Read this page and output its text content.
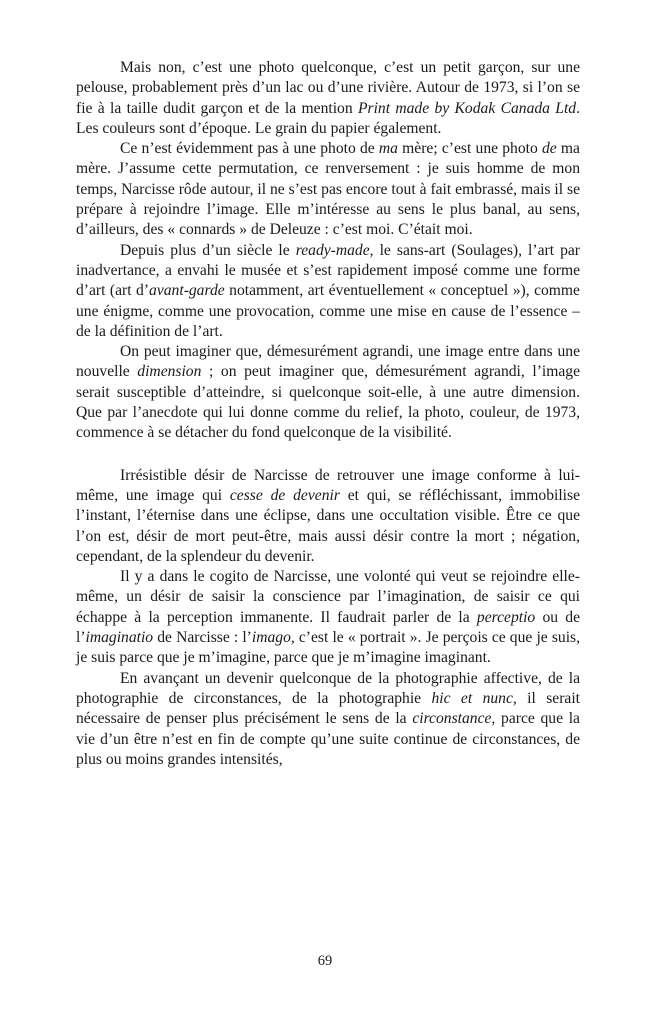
Mais non, c’est une photo quelconque, c’est un petit garçon, sur une pelouse, probablement près d’un lac ou d’une rivière. Autour de 1973, si l’on se fie à la taille dudit garçon et de la mention Print made by Kodak Canada Ltd. Les couleurs sont d’époque. Le grain du papier également.

Ce n’est évidemment pas à une photo de ma mère; c’est une photo de ma mère. J’assume cette permutation, ce renversement : je suis homme de mon temps, Narcisse rôde autour, il ne s’est pas encore tout à fait embrassé, mais il se prépare à rejoindre l’image. Elle m’intéresse au sens le plus banal, au sens, d’ailleurs, des « connards » de Deleuze : c’est moi. C’était moi.

Depuis plus d’un siècle le ready-made, le sans-art (Soulages), l’art par inadvertance, a envahi le musée et s’est rapidement imposé comme une forme d’art (art d’avant-garde notamment, art éventuellement « conceptuel »), comme une énigme, comme une provocation, comme une mise en cause de l’essence – de la définition de l’art.

On peut imaginer que, démesurément agrandi, une image entre dans une nouvelle dimension ; on peut imaginer que, démesurément agrandi, l’image serait susceptible d’atteindre, si quelconque soit-elle, à une autre dimension. Que par l’anecdote qui lui donne comme du relief, la photo, couleur, de 1973, commence à se détacher du fond quelconque de la visibilité.

Irrésistible désir de Narcisse de retrouver une image conforme à lui-même, une image qui cesse de devenir et qui, se réfléchissant, immobilise l’instant, l’éternise dans une éclipse, dans une occultation visible. Être ce que l’on est, désir de mort peut-être, mais aussi désir contre la mort ; négation, cependant, de la splendeur du devenir.

Il y a dans le cogito de Narcisse, une volonté qui veut se rejoindre elle-même, un désir de saisir la conscience par l’imagination, de saisir ce qui échappe à la perception immanente. Il faudrait parler de la perceptio ou de l’imaginatio de Narcisse : l’imago, c’est le « portrait ». Je perçois ce que je suis, je suis parce que je m’imagine, parce que je m’imagine imaginant.

En avançant un devenir quelconque de la photographie affective, de la photographie de circonstances, de la photographie hic et nunc, il serait nécessaire de penser plus précisément le sens de la circonstance, parce que la vie d’un être n’est en fin de compte qu’une suite continue de circonstances, de plus ou moins grandes intensités,

69
